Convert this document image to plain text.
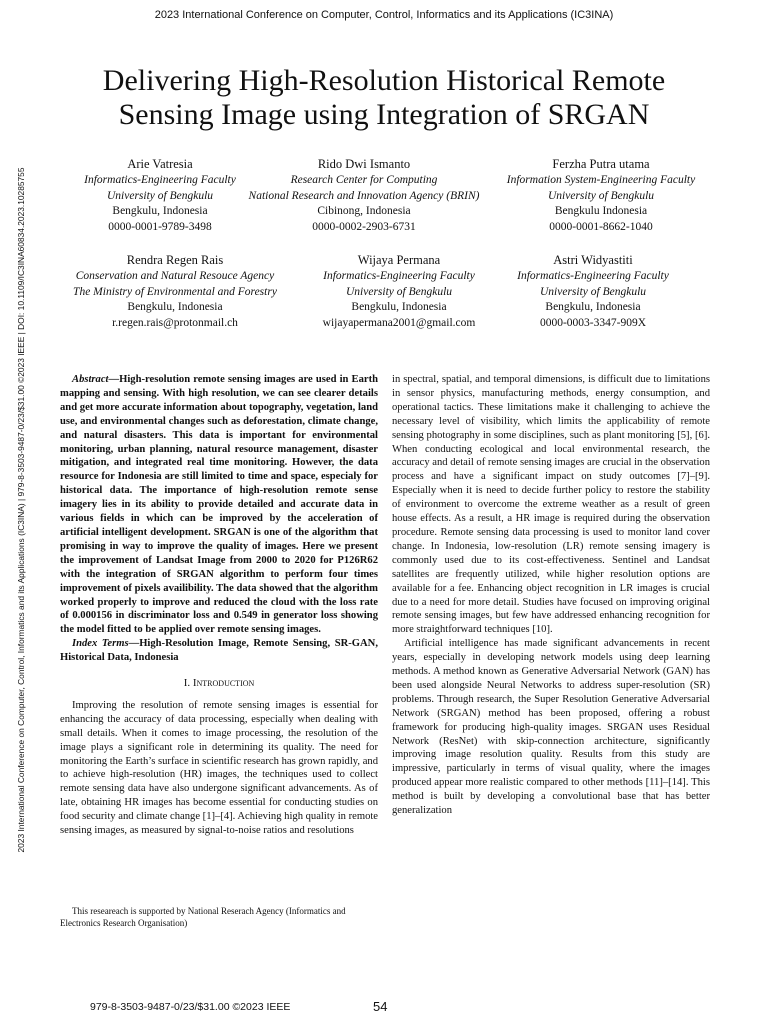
2023 International Conference on Computer, Control, Informatics and its Applications (IC3INA)
2023 International Conference on Computer, Control, Informatics and its Applications (IC3INA) | 979-8-3503-9487-0/23/$31.00 ©2023 IEEE | DOI: 10.1109/IC3INA60834.2023.10285755
Delivering High-Resolution Historical Remote
Sensing Image using Integration of SRGAN
Arie Vatresia
Informatics-Engineering Faculty
University of Bengkulu
Bengkulu, Indonesia
0000-0001-9789-3498
Rido Dwi Ismanto
Research Center for Computing
National Research and Innovation Agency (BRIN)
Cibinong, Indonesia
0000-0002-2903-6731
Ferzha Putra utama
Information System-Engineering Faculty
University of Bengkulu
Bengkulu Indonesia
0000-0001-8662-1040
Rendra Regen Rais
Conservation and Natural Resouce Agency
The Ministry of Environmental and Forestry
Bengkulu, Indonesia
r.regen.rais@protonmail.ch
Wijaya Permana
Informatics-Engineering Faculty
University of Bengkulu
Bengkulu, Indonesia
wijayapermana2001@gmail.com
Astri Widyastiti
Informatics-Engineering Faculty
University of Bengkulu
Bengkulu, Indonesia
0000-0003-3347-909X

Abstract—High-resolution remote sensing images are used in Earth mapping and sensing. With high resolution, we can see clearer details and get more accurate information about topography, vegetation, land use, and environmental changes such as deforestation, climate change, and natural disasters. This data is important for environmental monitoring, urban planning, natural resource management, disaster mitigation, and integrated real time monitoring. However, the data resource for Indonesia are still limited to time and space, especialy for historical data. The importance of high-resolution remote sense imagery lies in its ability to provide detailed and accurate data in various fields in which can be improved by the acceleration of artificial intelligent development. SRGAN is one of the algorithm that promising in way to improve the quality of images. Here we present the improvement of Landsat Image from 2000 to 2020 for P126R62 with the integration of SRGAN algorithm to perform four times improvement of pixels availibility. The data showed that the algorithm worked properly to improve and reduced the cloud with the loss rate of 0.000156 in discriminator loss and 0.549 in generator loss showing the model fitted to be applied over remote sensing images.

Index Terms—High-Resolution Image, Remote Sensing, SR-GAN, Historical Data, Indonesia

I. Introduction

Improving the resolution of remote sensing images is essential for enhancing the accuracy of data processing, especially when dealing with small details. When it comes to image processing, the resolution of the image plays a significant role in determining its quality. The need for monitoring the Earth’s surface in scientific research has grown rapidly, and to achieve high-resolution (HR) images, the techniques used to collect remote sensing data have also undergone significant advancements. As of late, obtaining HR images has become essential for conducting studies on food security and climate change [1]–[4]. Achieving high quality in remote sensing images, as measured by signal-to-noise ratios and resolutions

in spectral, spatial, and temporal dimensions, is difficult due to limitations in sensor physics, manufacturing methods, energy consumption, and operational tactics. These limitations make it challenging to achieve the necessary level of visibility, which limits the applicability of remote sensing photography in some disciplines, such as plant monitoring [5], [6]. When conducting ecological and local environmental research, the accuracy and detail of remote sensing images are crucial in the observation process and have a significant impact on study outcomes [7]–[9]. Especially when it is need to decide further policy to restore the stability of environment to overcome the extreme weather as a result of green house effects. As a result, a HR image is required during the observation procedure. Remote sensing data processing is used to monitor land cover change. In Indonesia, low-resolution (LR) remote sensing imagery is commonly used due to its cost-effectiveness. Sentinel and Landsat satellites are frequently utilized, while higher resolution options are available for a fee. Enhancing object recognition in LR images is crucial due to a need for more detail. Studies have focused on improving original remote sensing images, but few have addressed enhancing recognition for more straightforward techniques [10].

Artificial intelligence has made significant advancements in recent years, especially in developing network models using deep learning methods. A method known as Generative Adversarial Network (GAN) has been used alongside Neural Networks to address super-resolution (SR) problems. Through research, the Super Resolution Generative Adversarial Network (SRGAN) method has been proposed, offering a robust framework for producing high-quality images. SRGAN uses Residual Network (ResNet) with skip-connection architecture, significantly improving image resolution quality. Results from this study are impressive, particularly in terms of visual quality, where the images produced appear more realistic compared to other methods [11]–[14]. This method is built by developing a convolutional base that has better generalization

This researeach is supported by National Reserach Agency (Informatics and Electronics Research Organisation)
979-8-3503-9487-0/23/$31.00 ©2023 IEEE	54
